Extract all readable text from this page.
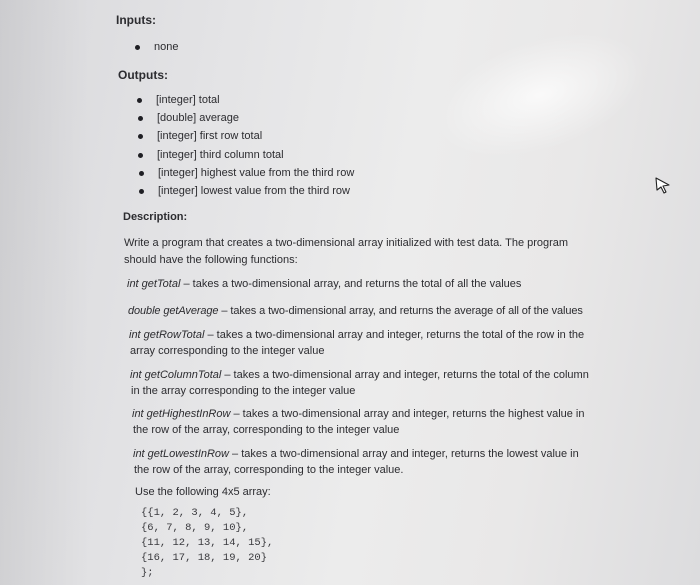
Inputs:
none
Outputs:
[integer] total
[double] average
[integer] first row total
[integer] third column total
[integer] highest value from the third row
[integer] lowest value from the third row
Description:
Write a program that creates a two-dimensional array initialized with test data. The program
should have the following functions:
int getTotal – takes a two-dimensional array, and returns the total of all the values
double getAverage – takes a two-dimensional array, and returns the average of all of the values
int getRowTotal – takes a two-dimensional array and integer, returns the total of the row in the
array corresponding to the integer value
int getColumnTotal – takes a two-dimensional array and integer, returns the total of the column
in the array corresponding to the integer value
int getHighestInRow – takes a two-dimensional array and integer, returns the highest value in
the row of the array, corresponding to the integer value
int getLowestInRow – takes a two-dimensional array and integer, returns the lowest value in
the row of the array, corresponding to the integer value.
Use the following 4x5 array:
{{1, 2, 3, 4, 5},
{6, 7, 8, 9, 10},
{11, 12, 13, 14, 15},
{16, 17, 18, 19, 20}
};
